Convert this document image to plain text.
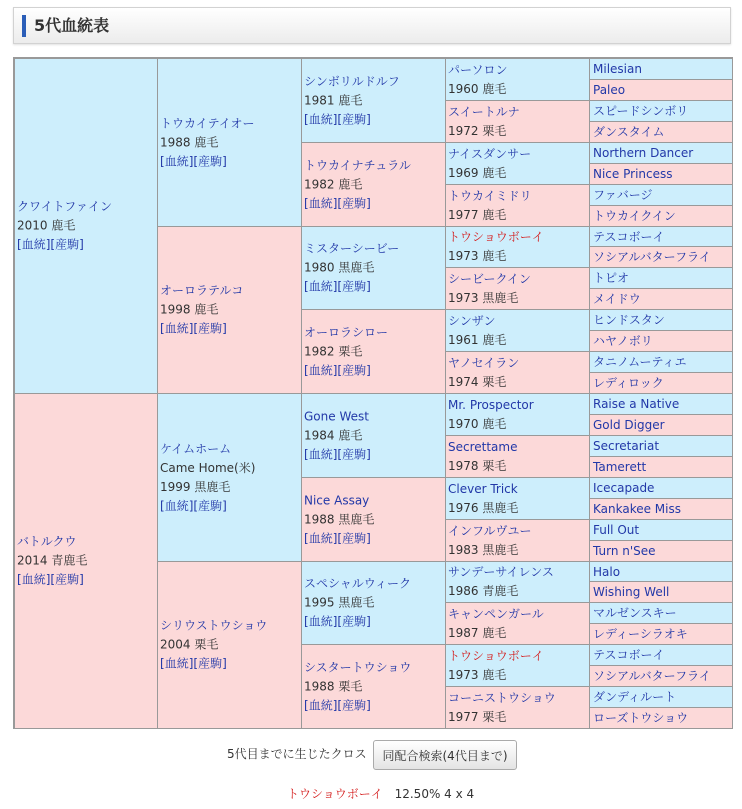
5代血統表
クワイトファイン
2010 鹿毛
[血統][産駒]
バトルクウ
2014 青鹿毛
[血統][産駒]
トウカイテイオー
1988 鹿毛
[血統][産駒]
オーロラテルコ
1998 鹿毛
[血統][産駒]
ケイムホーム
Came Home(米)
1999 黒鹿毛
[血統][産駒]
シリウストウショウ
2004 栗毛
[血統][産駒]
シンボリルドルフ
1981 鹿毛
[血統][産駒]
トウカイナチュラル
1982 鹿毛
[血統][産駒]
ミスターシービー
1980 黒鹿毛
[血統][産駒]
オーロラシロー
1982 栗毛
[血統][産駒]
Gone West
1984 鹿毛
[血統][産駒]
Nice Assay
1988 黒鹿毛
[血統][産駒]
スペシャルウィーク
1995 黒鹿毛
[血統][産駒]
シスタートウショウ
1988 栗毛
[血統][産駒]
パーソロン
1960 鹿毛
スイートルナ
1972 栗毛
ナイスダンサー
1969 鹿毛
トウカイミドリ
1977 鹿毛
トウショウボーイ
1973 鹿毛
シービークイン
1973 黒鹿毛
シンザン
1961 鹿毛
ヤノセイラン
1974 栗毛
Mr. Prospector
1970 鹿毛
Secrettame
1978 栗毛
Clever Trick
1976 黒鹿毛
インフルヴユー
1983 黒鹿毛
サンデーサイレンス
1986 青鹿毛
キャンペンガール
1987 鹿毛
トウショウボーイ
1973 鹿毛
コーニストウショウ
1977 栗毛
Milesian
Paleo
スピードシンボリ
ダンスタイム
Northern Dancer
Nice Princess
ファバージ
トウカイクイン
テスコボーイ
ソシアルバターフライ
トピオ
メイドウ
ヒンドスタン
ハヤノボリ
タニノムーティエ
レディロック
Raise a Native
Gold Digger
Secretariat
Tamerett
Icecapade
Kankakee Miss
Full Out
Turn n'See
Halo
Wishing Well
マルゼンスキー
レディーシラオキ
テスコボーイ
ソシアルバターフライ
ダンディルート
ローズトウショウ
5代目までに生じたクロス	同配合検索(4代目まで)
トウショウボーイ 12.50% 4 x 4
